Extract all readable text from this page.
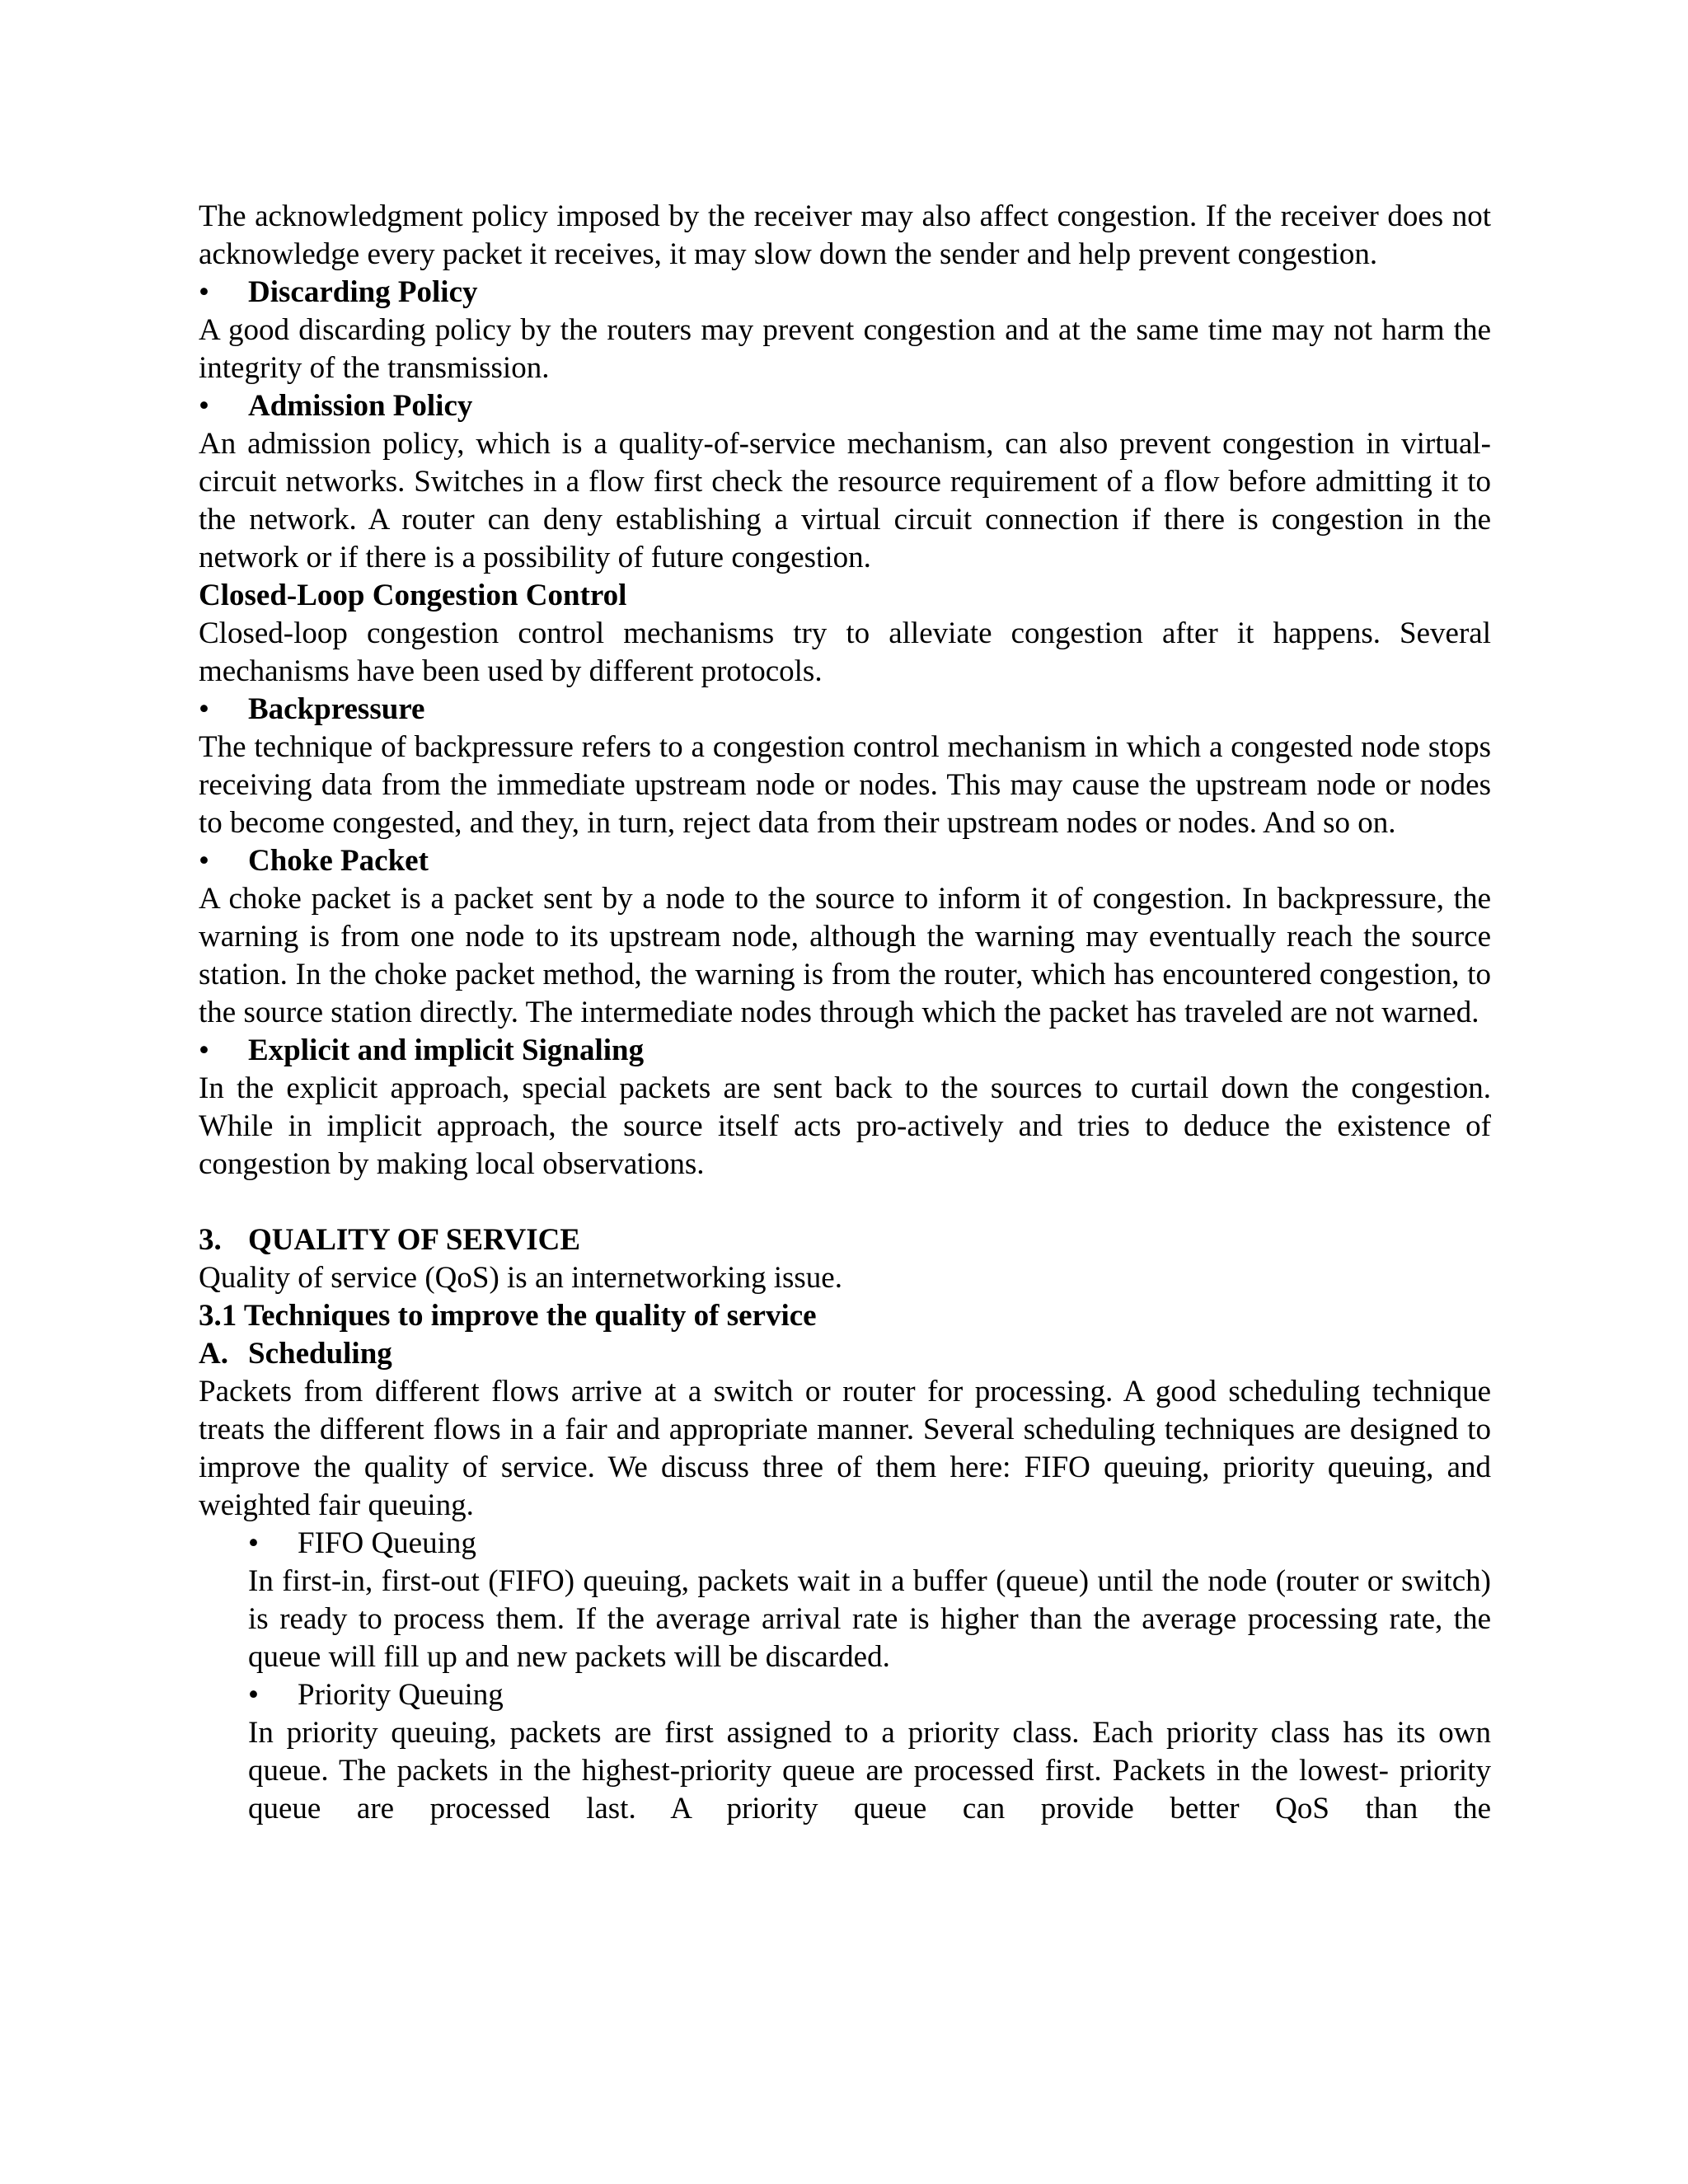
The acknowledgment policy imposed by the receiver may also affect congestion. If the receiver does not acknowledge every packet it receives, it may slow down the sender and help prevent congestion.

•	Discarding Policy

A good discarding policy by the routers may prevent congestion and at the same time may not harm the integrity of the transmission.

•	Admission Policy

An admission policy, which is a quality-of-service mechanism, can also prevent congestion in virtual-circuit networks. Switches in a flow first check the resource requirement of a flow before admitting it to the network. A router can deny establishing a virtual circuit connection if there is congestion in the network or if there is a possibility of future congestion.

Closed-Loop Congestion Control

Closed-loop congestion control mechanisms try to alleviate congestion after it happens. Several mechanisms have been used by different protocols.

•	Backpressure

The technique of backpressure refers to a congestion control mechanism in which a congested node stops receiving data from the immediate upstream node or nodes. This may cause the upstream node or nodes to become congested, and they, in turn, reject data from their upstream nodes or nodes. And so on.

•	Choke Packet

A choke packet is a packet sent by a node to the source to inform it of congestion. In backpressure, the warning is from one node to its upstream node, although the warning may eventually reach the source station. In the choke packet method, the warning is from the router, which has encountered congestion, to the source station directly. The intermediate nodes through which the packet has traveled are not warned.

•	Explicit and implicit Signaling

In the explicit approach, special packets are sent back to the sources to curtail down the congestion. While in implicit approach, the source itself acts pro-actively and tries to deduce the existence of congestion by making local observations.

3. QUALITY OF SERVICE

Quality of service (QoS) is an internetworking issue.

3.1 Techniques to improve the quality of service

A. Scheduling

Packets from different flows arrive at a switch or router for processing. A good scheduling technique treats the different flows in a fair and appropriate manner. Several scheduling techniques are designed to improve the quality of service. We discuss three of them here: FIFO queuing, priority queuing, and weighted fair queuing.

•	FIFO Queuing

In first-in, first-out (FIFO) queuing, packets wait in a buffer (queue) until the node (router or switch) is ready to process them. If the average arrival rate is higher than the average processing rate, the queue will fill up and new packets will be discarded.

•	Priority Queuing

In priority queuing, packets are first assigned to a priority class. Each priority class has its own queue. The packets in the highest-priority queue are processed first. Packets in the lowest- priority queue are processed last. A priority queue can provide better QoS than the
